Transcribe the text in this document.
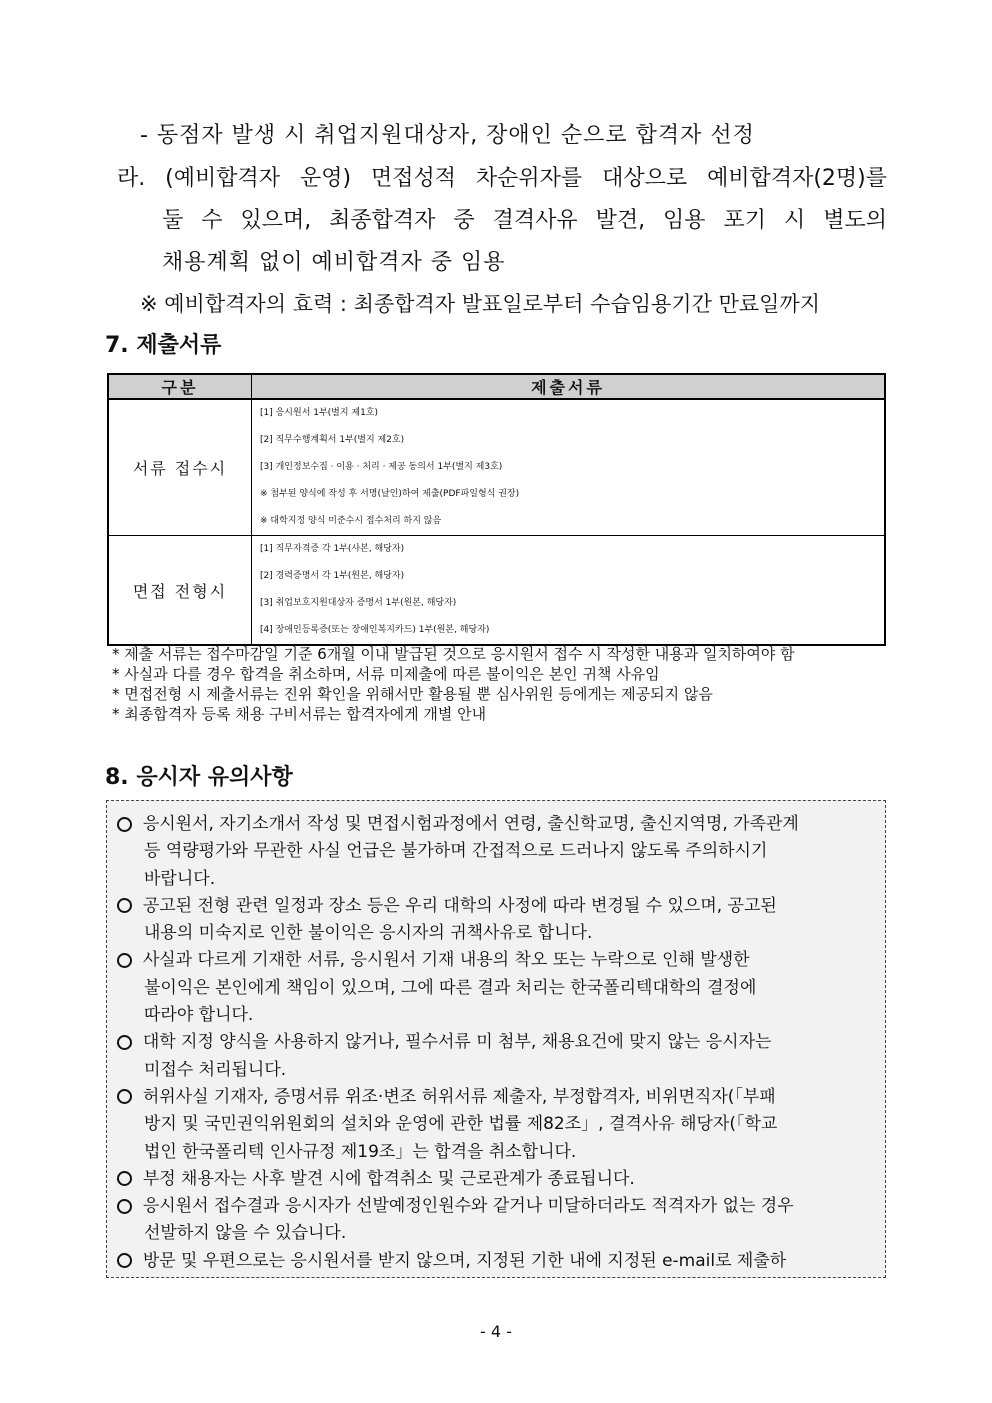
- 동점자 발생 시 취업지원대상자, 장애인 순으로 합격자 선정
라. (예비합격자 운영) 면접성적 차순위자를 대상으로 예비합격자(2명)를
둘 수 있으며, 최종합격자 중 결격사유 발견, 임용 포기 시 별도의
채용계획 없이 예비합격자 중 임용
※ 예비합격자의 효력 : 최종합격자 발표일로부터 수습임용기간 만료일까지
7. 제출서류
구분	제출서류
서류 접수시	[1] 응시원서 1부(별지 제1호)
[2] 직무수행계획서 1부(별지 제2호)
[3] 개인정보수집 · 이용 · 처리 · 제공 동의서 1부(별지 제3호)
※ 첨부된 양식에 작성 후 서명(날인)하여 제출(PDF파일형식 권장)
※ 대학지정 양식 미준수시 접수처리 하지 않음

면접 전형시	[1] 직무자격증 각 1부(사본, 해당자)
[2] 경력증명서 각 1부(원본, 해당자)
[3] 취업보호지원대상자 증명서 1부(원본, 해당자)
[4] 장애인등록증(또는 장애인복지카드) 1부(원본, 해당자)
* 제출 서류는 접수마감일 기준 6개월 이내 발급된 것으로 응시원서 접수 시 작성한 내용과 일치하여야 함
* 사실과 다를 경우 합격을 취소하며, 서류 미제출에 따른 불이익은 본인 귀책 사유임
* 면접전형 시 제출서류는 진위 확인을 위해서만 활용될 뿐 심사위원 등에게는 제공되지 않음
* 최종합격자 등록 채용 구비서류는 합격자에게 개별 안내
8. 응시자 유의사항
응시원서, 자기소개서 작성 및 면접시험과정에서 연령, 출신학교명, 출신지역명, 가족관계
등 역량평가와 무관한 사실 언급은 불가하며 간접적으로 드러나지 않도록 주의하시기
바랍니다.
공고된 전형 관련 일정과 장소 등은 우리 대학의 사정에 따라 변경될 수 있으며, 공고된
내용의 미숙지로 인한 불이익은 응시자의 귀책사유로 합니다.
사실과 다르게 기재한 서류, 응시원서 기재 내용의 착오 또는 누락으로 인해 발생한
불이익은 본인에게 책임이 있으며, 그에 따른 결과 처리는 한국폴리텍대학의 결정에
따라야 합니다.
대학 지정 양식을 사용하지 않거나, 필수서류 미 첨부, 채용요건에 맞지 않는 응시자는
미접수 처리됩니다.
허위사실 기재자, 증명서류 위조·변조 허위서류 제출자, 부정합격자, 비위면직자(「부패
방지 및 국민권익위원회의 설치와 운영에 관한 법률 제82조」, 결격사유 해당자(「학교
법인 한국폴리텍 인사규정 제19조」는 합격을 취소합니다.
부정 채용자는 사후 발견 시에 합격취소 및 근로관계가 종료됩니다.
응시원서 접수결과 응시자가 선발예정인원수와 같거나 미달하더라도 적격자가 없는 경우
선발하지 않을 수 있습니다.
방문 및 우편으로는 응시원서를 받지 않으며, 지정된 기한 내에 지정된 e-mail로 제출하
- 4 -
